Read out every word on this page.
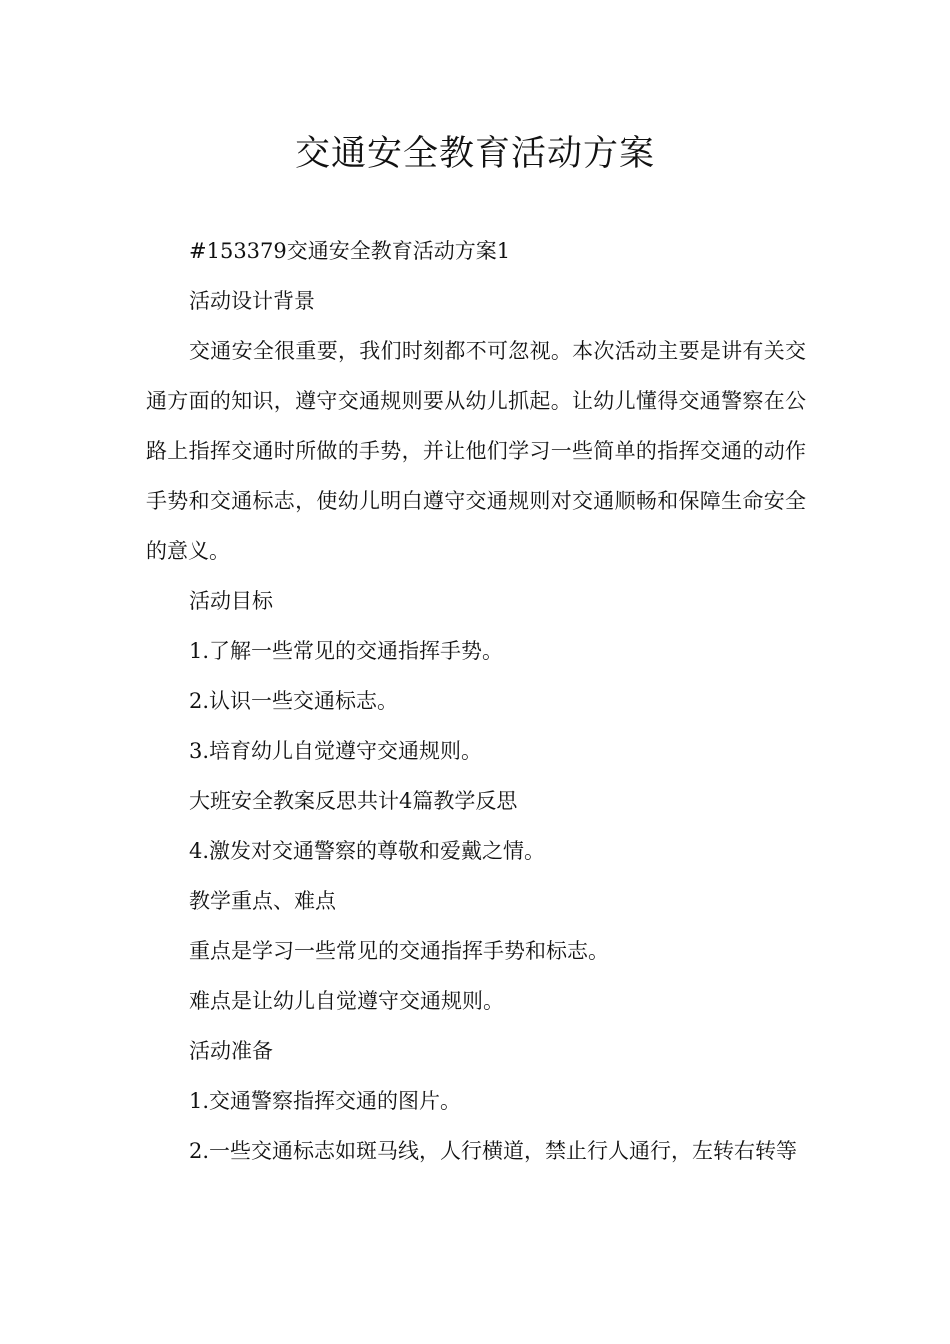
交通安全教育活动方案

#153379交通安全教育活动方案1

活动设计背景

交通安全很重要，我们时刻都不可忽视。本次活动主要是讲有关交通方面的知识，遵守交通规则要从幼儿抓起。让幼儿懂得交通警察在公路上指挥交通时所做的手势，并让他们学习一些简单的指挥交通的动作手势和交通标志，使幼儿明白遵守交通规则对交通顺畅和保障生命安全的意义。

活动目标

1.了解一些常见的交通指挥手势。

2.认识一些交通标志。

3.培育幼儿自觉遵守交通规则。

大班安全教案反思共计4篇教学反思

4.激发对交通警察的尊敬和爱戴之情。

教学重点、难点

重点是学习一些常见的交通指挥手势和标志。

难点是让幼儿自觉遵守交通规则。

活动准备

1.交通警察指挥交通的图片。

2.一些交通标志如斑马线，人行横道，禁止行人通行，左转右转等
